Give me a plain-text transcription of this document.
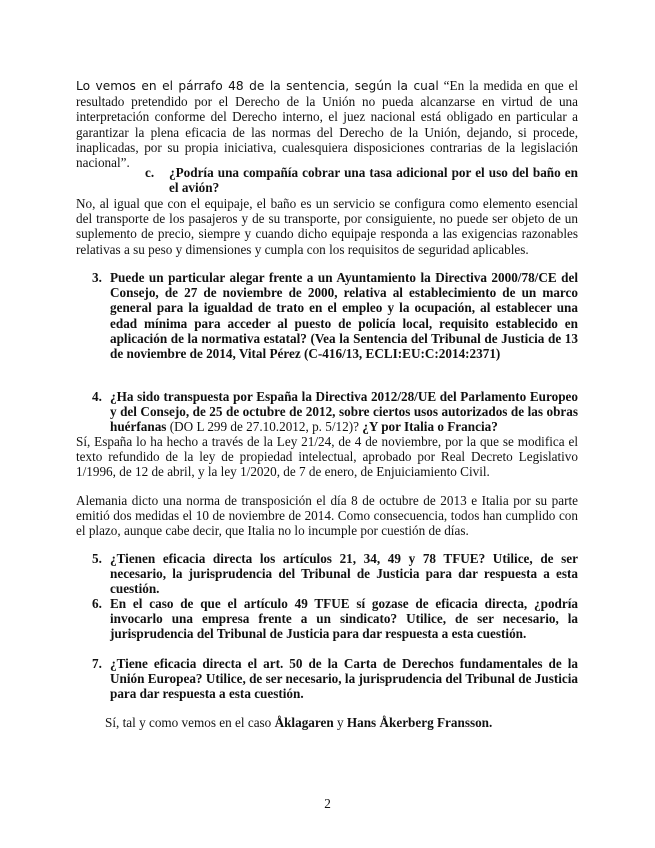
Lo vemos en el párrafo 48 de la sentencia, según la cual “En la medida en que el resultado pretendido por el Derecho de la Unión no pueda alcanzarse en virtud de una interpretación conforme del Derecho interno, el juez nacional está obligado en particular a garantizar la plena eficacia de las normas del Derecho de la Unión, dejando, si procede, inaplicadas, por su propia iniciativa, cualesquiera disposiciones contrarias de la legislación nacional”.

c. ¿Podría una compañía cobrar una tasa adicional por el uso del baño en el avión?

No, al igual que con el equipaje, el baño es un servicio se configura como elemento esencial del transporte de los pasajeros y de su transporte, por consiguiente, no puede ser objeto de un suplemento de precio, siempre y cuando dicho equipaje responda a las exigencias razonables relativas a su peso y dimensiones y cumpla con los requisitos de seguridad aplicables.

3. Puede un particular alegar frente a un Ayuntamiento la Directiva 2000/78/CE del Consejo, de 27 de noviembre de 2000, relativa al establecimiento de un marco general para la igualdad de trato en el empleo y la ocupación, al establecer una edad mínima para acceder al puesto de policía local, requisito establecido en aplicación de la normativa estatal? (Vea la Sentencia del Tribunal de Justicia de 13 de noviembre de 2014, Vital Pérez (C-416/13, ECLI:EU:C:2014:2371)

4. ¿Ha sido transpuesta por España la Directiva 2012/28/UE del Parlamento Europeo y del Consejo, de 25 de octubre de 2012, sobre ciertos usos autorizados de las obras huérfanas (DO L 299 de 27.10.2012, p. 5/12)? ¿Y por Italia o Francia?

Sí, España lo ha hecho a través de la Ley 21/24, de 4 de noviembre, por la que se modifica el texto refundido de la ley de propiedad intelectual, aprobado por Real Decreto Legislativo 1/1996, de 12 de abril, y la ley 1/2020, de 7 de enero, de Enjuiciamiento Civil.

Alemania dicto una norma de transposición el día 8 de octubre de 2013 e Italia por su parte emitió dos medidas el 10 de noviembre de 2014. Como consecuencia, todos han cumplido con el plazo, aunque cabe decir, que Italia no lo incumple por cuestión de días.

5. ¿Tienen eficacia directa los artículos 21, 34, 49 y 78 TFUE? Utilice, de ser necesario, la jurisprudencia del Tribunal de Justicia para dar respuesta a esta cuestión.

6. En el caso de que el artículo 49 TFUE sí gozase de eficacia directa, ¿podría invocarlo una empresa frente a un sindicato? Utilice, de ser necesario, la jurisprudencia del Tribunal de Justicia para dar respuesta a esta cuestión.

7. ¿Tiene eficacia directa el art. 50 de la Carta de Derechos fundamentales de la Unión Europea? Utilice, de ser necesario, la jurisprudencia del Tribunal de Justicia para dar respuesta a esta cuestión.

Sí, tal y como vemos en el caso Åklagaren y Hans Åkerberg Fransson.

2
